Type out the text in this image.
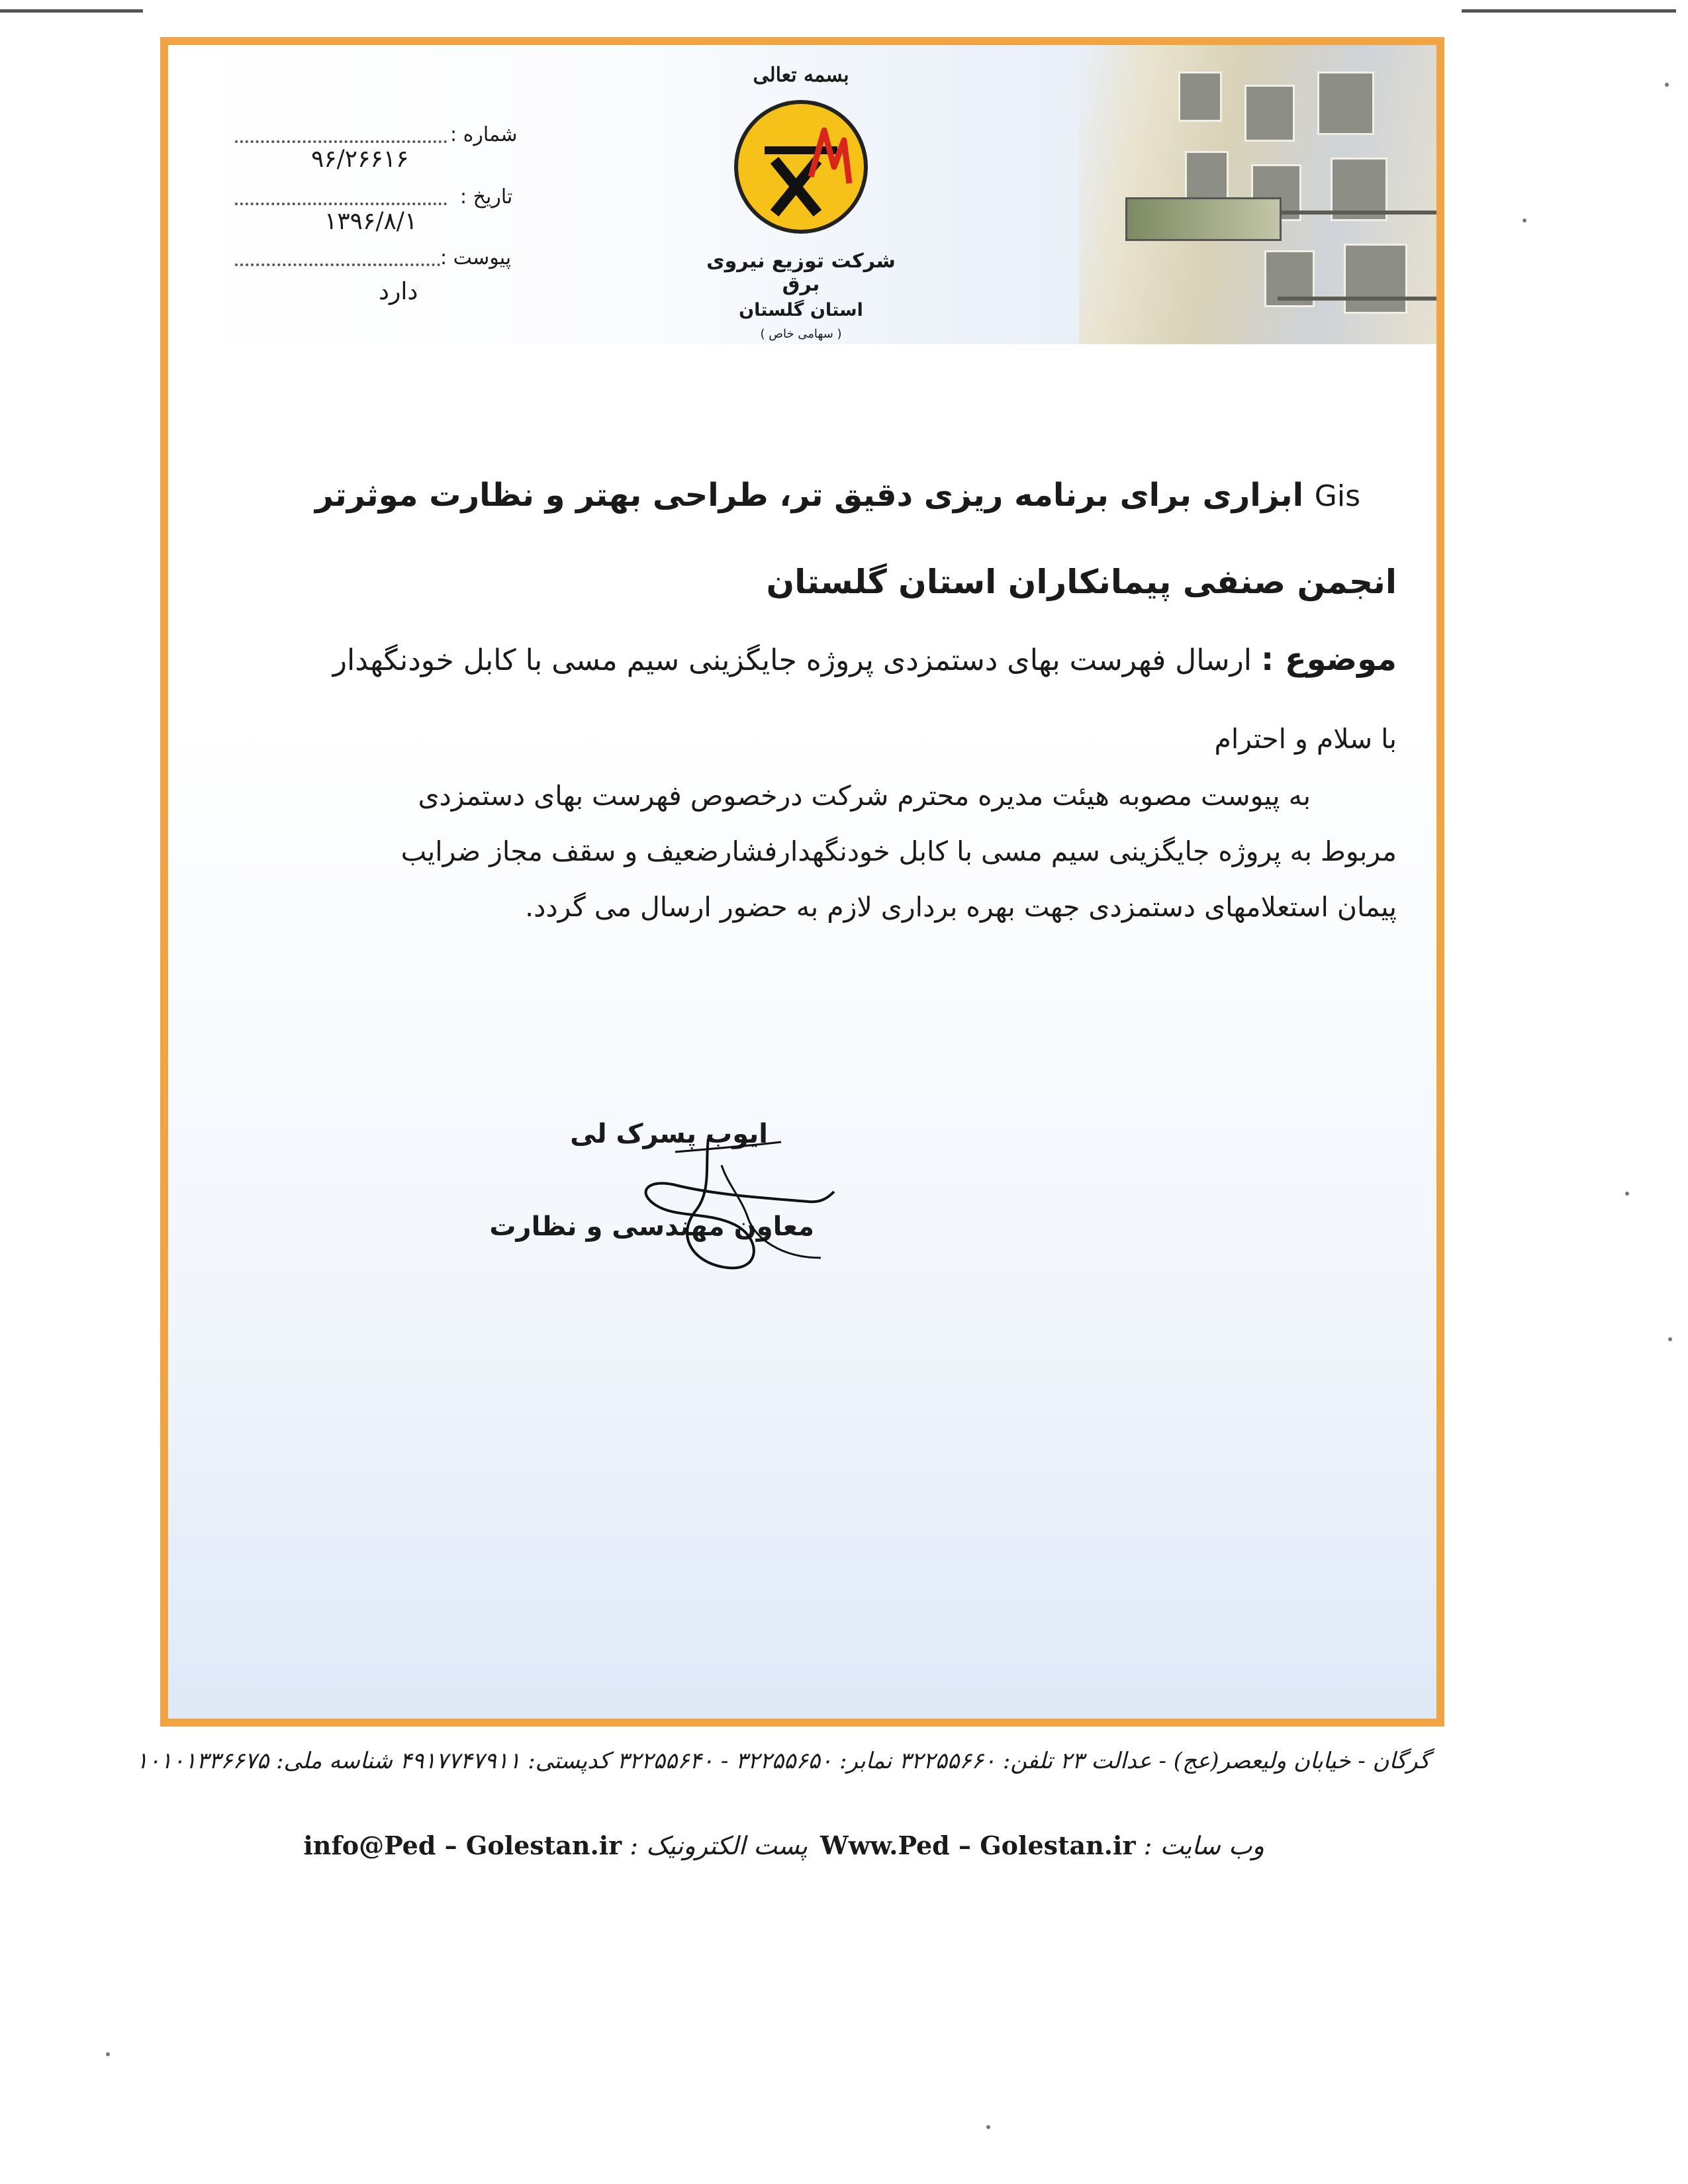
بسمه تعالی
شرکت توزیع نیروی برق
استان گلستان
( سهامی خاص )
شماره :
۹۶/۲۶۶۱۶
تاریخ :
۱۳۹۶/۸/۱
پیوست :
دارد
Gis ابزاری برای برنامه ریزی دقیق تر، طراحی بهتر و نظارت موثرتر
انجمن صنفی پیمانکاران استان گلستان
موضوع : ارسال فهرست بهای دستمزدی پروژه جایگزینی سیم مسی با کابل خودنگهدار
با سلام و احترام
به پیوست مصوبه هیئت مدیره محترم شرکت درخصوص فهرست بهای دستمزدی
مربوط به پروژه جایگزینی سیم مسی با کابل خودنگهدارفشارضعیف و سقف مجاز ضرایب
پیمان استعلامهای دستمزدی جهت بهره برداری لازم به حضور ارسال می گردد.
ایوب پسرک لی
معاون مهندسی و نظارت
گرگان - خیابان ولیعصر(عج) - عدالت ۲۳ تلفن: ۳۲۲۵۵۶۶۰ نمابر: ۳۲۲۵۵۶۵۰ - ۳۲۲۵۵۶۴۰ کدپستی: ۴۹۱۷۷۴۷۹۱۱ شناسه ملی: ۱۰۱۰۱۳۳۶۶۷۵
وب سایت : Www.Ped – Golestan.ir
پست الکترونیک : info@Ped – Golestan.ir
